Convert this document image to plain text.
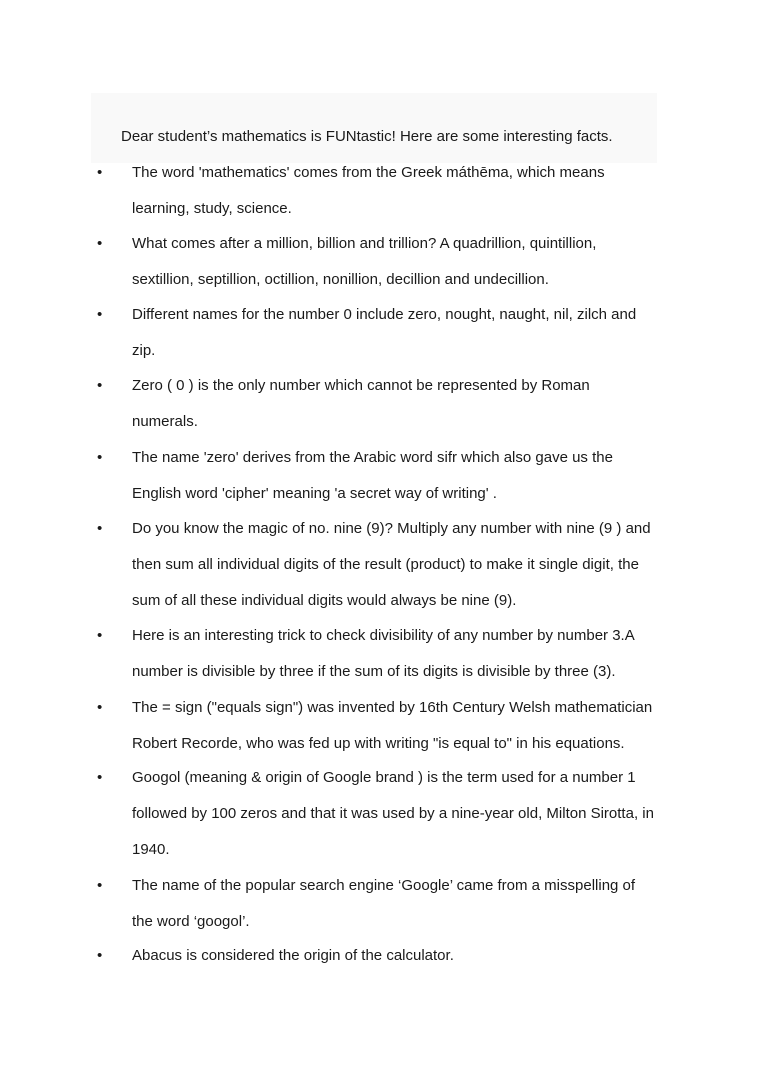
Dear student’s mathematics is FUNtastic! Here are some interesting facts.
• The word 'mathematics' comes from the Greek máthēma, which means
learning, study, science.
• What comes after a million, billion and trillion? A quadrillion, quintillion,
sextillion, septillion, octillion, nonillion, decillion and undecillion.
• Different names for the number 0 include zero, nought, naught, nil, zilch and
zip.
• Zero ( 0 ) is the only number which cannot be represented by Roman
numerals.
• The name 'zero' derives from the Arabic word sifr which also gave us the
English word 'cipher' meaning 'a secret way of writing' .
• Do you know the magic of no. nine (9)? Multiply any number with nine (9 ) and
then sum all individual digits of the result (product) to make it single digit, the
sum of all these individual digits would always be nine (9).
• Here is an interesting trick to check divisibility of any number by number 3.A
number is divisible by three if the sum of its digits is divisible by three (3).
• The = sign ("equals sign") was invented by 16th Century Welsh mathematician
Robert Recorde, who was fed up with writing "is equal to" in his equations.
• Googol (meaning & origin of Google brand ) is the term used for a number 1
followed by 100 zeros and that it was used by a nine-year old, Milton Sirotta, in
1940.
• The name of the popular search engine ‘Google’ came from a misspelling of
the word ‘googol’.
• Abacus is considered the origin of the calculator.
